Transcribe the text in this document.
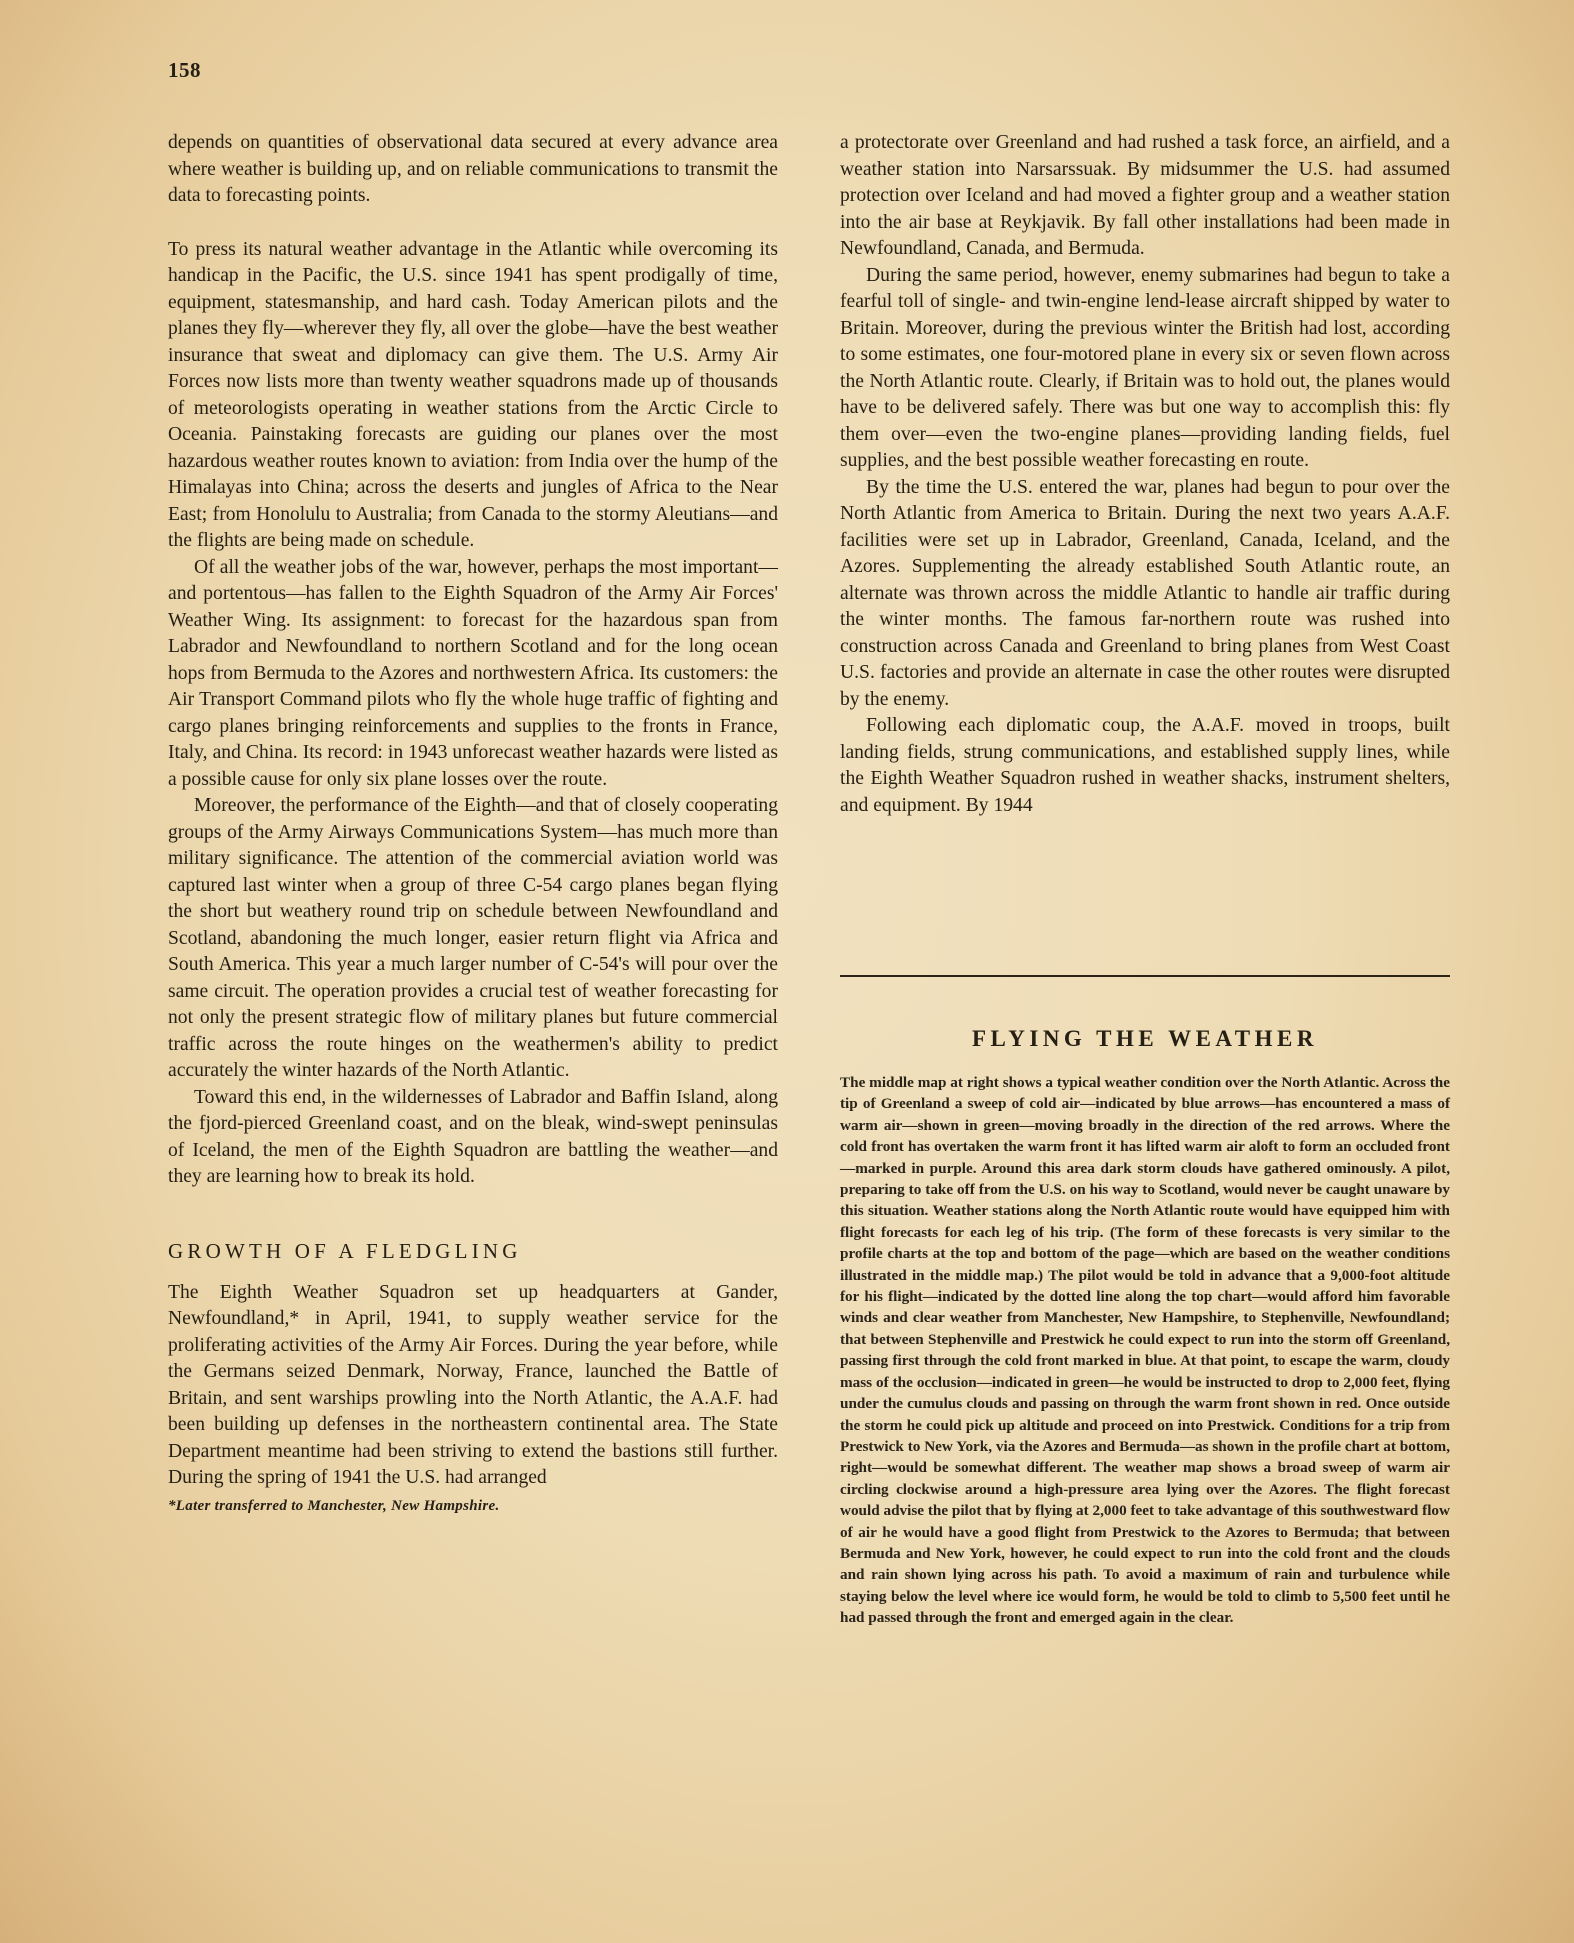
158

depends on quantities of observational data secured at every advance area where weather is building up, and on reliable communications to transmit the data to forecasting points.

To press its natural weather advantage in the Atlantic while overcoming its handicap in the Pacific, the U.S. since 1941 has spent prodigally of time, equipment, statesmanship, and hard cash. Today American pilots and the planes they fly—wherever they fly, all over the globe—have the best weather insurance that sweat and diplomacy can give them. The U.S. Army Air Forces now lists more than twenty weather squadrons made up of thousands of meteorologists operating in weather stations from the Arctic Circle to Oceania. Painstaking forecasts are guiding our planes over the most hazardous weather routes known to aviation: from India over the hump of the Himalayas into China; across the deserts and jungles of Africa to the Near East; from Honolulu to Australia; from Canada to the stormy Aleutians—and the flights are being made on schedule.

Of all the weather jobs of the war, however, perhaps the most important—and portentous—has fallen to the Eighth Squadron of the Army Air Forces' Weather Wing. Its assignment: to forecast for the hazardous span from Labrador and Newfoundland to northern Scotland and for the long ocean hops from Bermuda to the Azores and northwestern Africa. Its customers: the Air Transport Command pilots who fly the whole huge traffic of fighting and cargo planes bringing reinforcements and supplies to the fronts in France, Italy, and China. Its record: in 1943 unforecast weather hazards were listed as a possible cause for only six plane losses over the route.

Moreover, the performance of the Eighth—and that of closely cooperating groups of the Army Airways Communications System—has much more than military significance. The attention of the commercial aviation world was captured last winter when a group of three C-54 cargo planes began flying the short but weathery round trip on schedule between Newfoundland and Scotland, abandoning the much longer, easier return flight via Africa and South America. This year a much larger number of C-54's will pour over the same circuit. The operation provides a crucial test of weather forecasting for not only the present strategic flow of military planes but future commercial traffic across the route hinges on the weathermen's ability to predict accurately the winter hazards of the North Atlantic.

Toward this end, in the wildernesses of Labrador and Baffin Island, along the fjord-pierced Greenland coast, and on the bleak, wind-swept peninsulas of Iceland, the men of the Eighth Squadron are battling the weather—and they are learning how to break its hold.

GROWTH OF A FLEDGLING

The Eighth Weather Squadron set up headquarters at Gander, Newfoundland,* in April, 1941, to supply weather service for the proliferating activities of the Army Air Forces. During the year before, while the Germans seized Denmark, Norway, France, launched the Battle of Britain, and sent warships prowling into the North Atlantic, the A.A.F. had been building up defenses in the northeastern continental area. The State Department meantime had been striving to extend the bastions still further. During the spring of 1941 the U.S. had arranged

*Later transferred to Manchester, New Hampshire.

a protectorate over Greenland and had rushed a task force, an airfield, and a weather station into Narsarssuak. By midsummer the U.S. had assumed protection over Iceland and had moved a fighter group and a weather station into the air base at Reykjavik. By fall other installations had been made in Newfoundland, Canada, and Bermuda.

During the same period, however, enemy submarines had begun to take a fearful toll of single- and twin-engine lend-lease aircraft shipped by water to Britain. Moreover, during the previous winter the British had lost, according to some estimates, one four-motored plane in every six or seven flown across the North Atlantic route. Clearly, if Britain was to hold out, the planes would have to be delivered safely. There was but one way to accomplish this: fly them over—even the two-engine planes—providing landing fields, fuel supplies, and the best possible weather forecasting en route.

By the time the U.S. entered the war, planes had begun to pour over the North Atlantic from America to Britain. During the next two years A.A.F. facilities were set up in Labrador, Greenland, Canada, Iceland, and the Azores. Supplementing the already established South Atlantic route, an alternate was thrown across the middle Atlantic to handle air traffic during the winter months. The famous far-northern route was rushed into construction across Canada and Greenland to bring planes from West Coast U.S. factories and provide an alternate in case the other routes were disrupted by the enemy.

Following each diplomatic coup, the A.A.F. moved in troops, built landing fields, strung communications, and established supply lines, while the Eighth Weather Squadron rushed in weather shacks, instrument shelters, and equipment. By 1944

FLYING THE WEATHER

The middle map at right shows a typical weather condition over the North Atlantic. Across the tip of Greenland a sweep of cold air—indicated by blue arrows—has encountered a mass of warm air—shown in green—moving broadly in the direction of the red arrows. Where the cold front has overtaken the warm front it has lifted warm air aloft to form an occluded front—marked in purple. Around this area dark storm clouds have gathered ominously. A pilot, preparing to take off from the U.S. on his way to Scotland, would never be caught unaware by this situation. Weather stations along the North Atlantic route would have equipped him with flight forecasts for each leg of his trip. (The form of these forecasts is very similar to the profile charts at the top and bottom of the page—which are based on the weather conditions illustrated in the middle map.) The pilot would be told in advance that a 9,000-foot altitude for his flight—indicated by the dotted line along the top chart—would afford him favorable winds and clear weather from Manchester, New Hampshire, to Stephenville, Newfoundland; that between Stephenville and Prestwick he could expect to run into the storm off Greenland, passing first through the cold front marked in blue. At that point, to escape the warm, cloudy mass of the occlusion—indicated in green—he would be instructed to drop to 2,000 feet, flying under the cumulus clouds and passing on through the warm front shown in red. Once outside the storm he could pick up altitude and proceed on into Prestwick. Conditions for a trip from Prestwick to New York, via the Azores and Bermuda—as shown in the profile chart at bottom, right—would be somewhat different. The weather map shows a broad sweep of warm air circling clockwise around a high-pressure area lying over the Azores. The flight forecast would advise the pilot that by flying at 2,000 feet to take advantage of this southwestward flow of air he would have a good flight from Prestwick to the Azores to Bermuda; that between Bermuda and New York, however, he could expect to run into the cold front and the clouds and rain shown lying across his path. To avoid a maximum of rain and turbulence while staying below the level where ice would form, he would be told to climb to 5,500 feet until he had passed through the front and emerged again in the clear.
